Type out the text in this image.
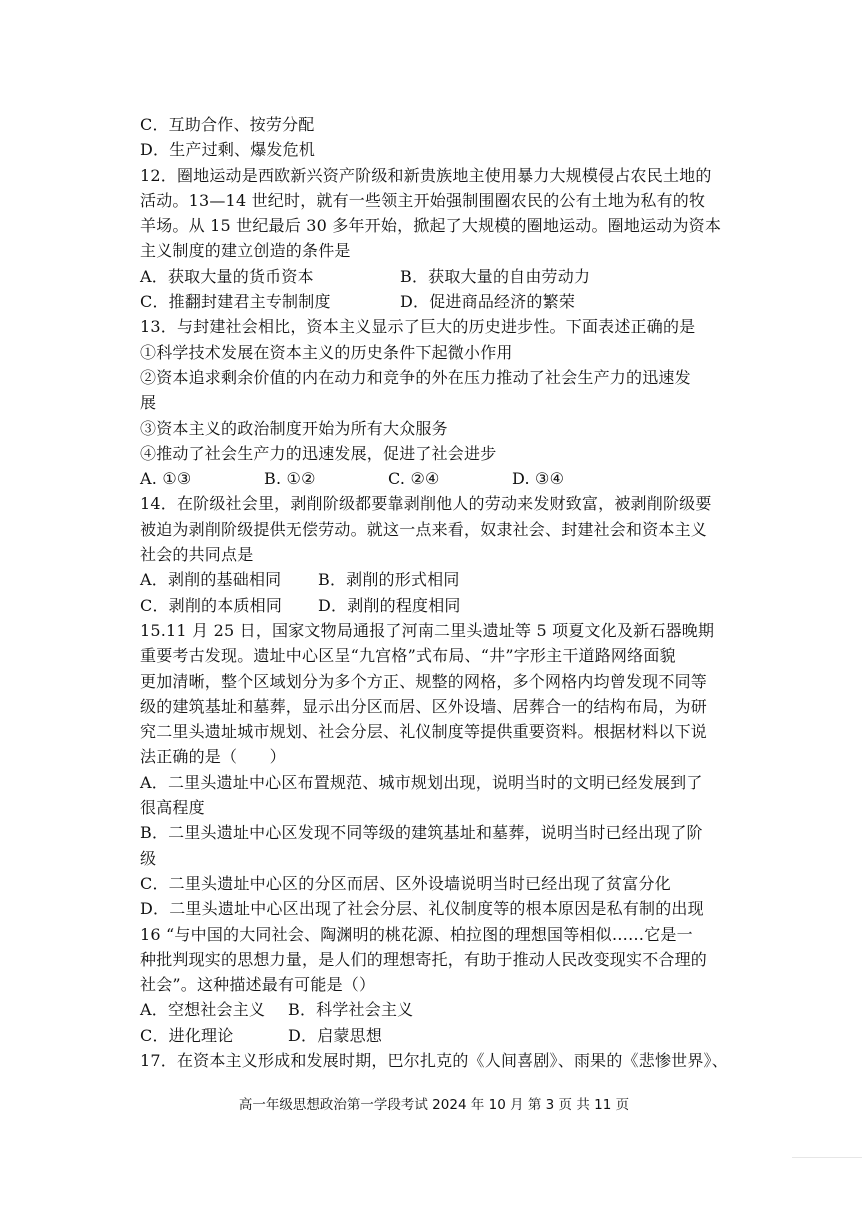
C．互助合作、按劳分配
D．生产过剩、爆发危机
12．圈地运动是西欧新兴资产阶级和新贵族地主使用暴力大规模侵占农民土地的
活动。13—14 世纪时，就有一些领主开始强制围圈农民的公有土地为私有的牧
羊场。从 15 世纪最后 30 多年开始，掀起了大规模的圈地运动。圈地运动为资本
主义制度的建立创造的条件是
A．获取大量的货币资本	B．获取大量的自由劳动力
C．推翻封建君主专制制度	D．促进商品经济的繁荣
13．与封建社会相比，资本主义显示了巨大的历史进步性。下面表述正确的是
①科学技术发展在资本主义的历史条件下起微小作用
②资本追求剩余价值的内在动力和竞争的外在压力推动了社会生产力的迅速发
展
③资本主义的政治制度开始为所有大众服务
④推动了社会生产力的迅速发展，促进了社会进步
A. ①③	B. ①②	C. ②④	D. ③④
14．在阶级社会里，剥削阶级都要靠剥削他人的劳动来发财致富，被剥削阶级要
被迫为剥削阶级提供无偿劳动。就这一点来看，奴隶社会、封建社会和资本主义
社会的共同点是
A．剥削的基础相同	B．剥削的形式相同
C．剥削的本质相同	D．剥削的程度相同
15.11 月 25 日，国家文物局通报了河南二里头遗址等 5 项夏文化及新石器晚期
重要考古发现。遗址中心区呈“九宫格”式布局、“井”字形主干道路网络面貌
更加清晰，整个区域划分为多个方正、规整的网格，多个网格内均曾发现不同等
级的建筑基址和墓葬，显示出分区而居、区外设墙、居葬合一的结构布局，为研
究二里头遗址城市规划、社会分层、礼仪制度等提供重要资料。根据材料以下说
法正确的是（　　）
A．二里头遗址中心区布置规范、城市规划出现，说明当时的文明已经发展到了
很高程度
B．二里头遗址中心区发现不同等级的建筑基址和墓葬，说明当时已经出现了阶
级
C．二里头遗址中心区的分区而居、区外设墙说明当时已经出现了贫富分化
D．二里头遗址中心区出现了社会分层、礼仪制度等的根本原因是私有制的出现
16 “与中国的大同社会、陶渊明的桃花源、柏拉图的理想国等相似……它是一
种批判现实的思想力量，是人们的理想寄托，有助于推动人民改变现实不合理的
社会”。这种描述最有可能是（）
A．空想社会主义	B．科学社会主义
C．进化理论	D．启蒙思想
17．在资本主义形成和发展时期，巴尔扎克的《人间喜剧》、雨果的《悲惨世界》、
高一年级思想政治第一学段考试 2024 年 10 月 第 3 页 共 11 页
